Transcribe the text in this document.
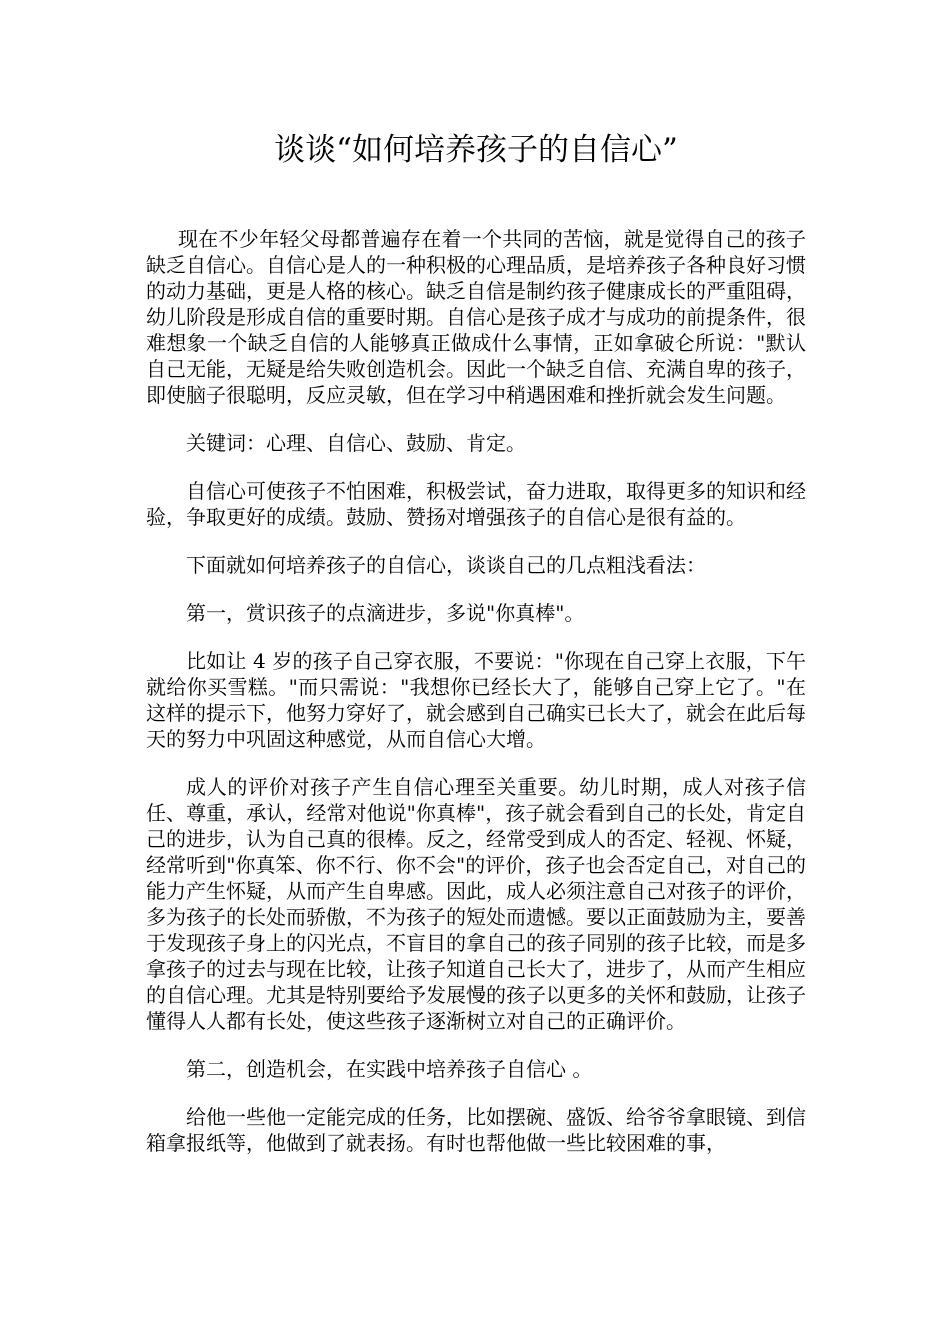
谈谈“如何培养孩子的自信心”

现在不少年轻父母都普遍存在着一个共同的苦恼，就是觉得自己的孩子缺乏自信心。自信心是人的一种积极的心理品质，是培养孩子各种良好习惯的动力基础，更是人格的核心。缺乏自信是制约孩子健康成长的严重阻碍，幼儿阶段是形成自信的重要时期。自信心是孩子成才与成功的前提条件，很难想象一个缺乏自信的人能够真正做成什么事情，正如拿破仑所说："默认自己无能，无疑是给失败创造机会。因此一个缺乏自信、充满自卑的孩子，即使脑子很聪明，反应灵敏，但在学习中稍遇困难和挫折就会发生问题。

关键词：心理、自信心、鼓励、肯定。

自信心可使孩子不怕困难，积极尝试，奋力进取，取得更多的知识和经验，争取更好的成绩。鼓励、赞扬对增强孩子的自信心是很有益的。

下面就如何培养孩子的自信心，谈谈自己的几点粗浅看法：

第一，赏识孩子的点滴进步，多说"你真棒"。

比如让 4 岁的孩子自己穿衣服，不要说："你现在自己穿上衣服，下午就给你买雪糕。"而只需说："我想你已经长大了，能够自己穿上它了。"在这样的提示下，他努力穿好了，就会感到自己确实已长大了，就会在此后每天的努力中巩固这种感觉，从而自信心大增。

成人的评价对孩子产生自信心理至关重要。幼儿时期，成人对孩子信任、尊重，承认，经常对他说"你真棒"，孩子就会看到自己的长处，肯定自己的进步，认为自己真的很棒。反之，经常受到成人的否定、轻视、怀疑，经常听到"你真笨、你不行、你不会"的评价，孩子也会否定自己，对自己的能力产生怀疑，从而产生自卑感。因此，成人必须注意自己对孩子的评价，多为孩子的长处而骄傲，不为孩子的短处而遗憾。要以正面鼓励为主，要善于发现孩子身上的闪光点，不盲目的拿自己的孩子同别的孩子比较，而是多拿孩子的过去与现在比较，让孩子知道自己长大了，进步了，从而产生相应的自信心理。尤其是特别要给予发展慢的孩子以更多的关怀和鼓励，让孩子懂得人人都有长处，使这些孩子逐渐树立对自己的正确评价。

第二，创造机会，在实践中培养孩子自信心 。

给他一些他一定能完成的任务，比如摆碗、盛饭、给爷爷拿眼镜、到信箱拿报纸等，他做到了就表扬。有时也帮他做一些比较困难的事，
